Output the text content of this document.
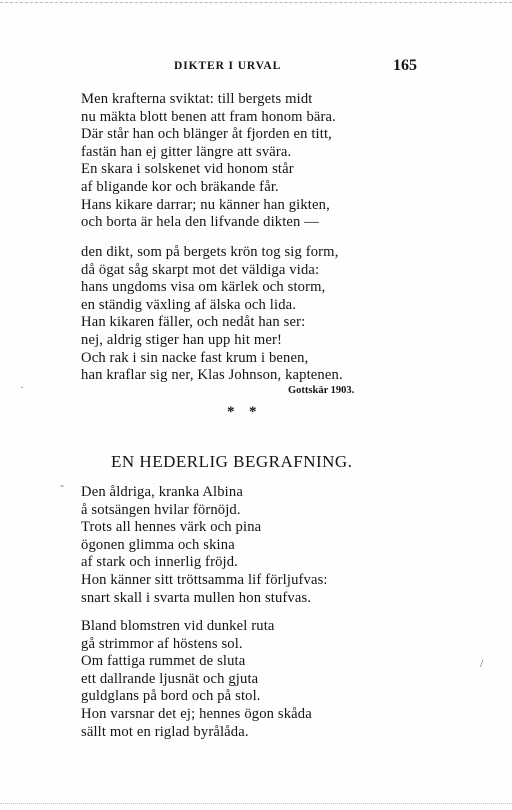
DIKTER I URVAL	165
Men krafterna sviktat: till bergets midt
nu mäkta blott benen att fram honom bära.
Där står han och blänger åt fjorden en titt,
fastän han ej gitter längre att svära.
En skara i solskenet vid honom står
af bligande kor och bräkande får.
Hans kikare darrar; nu känner han gikten,
och borta är hela den lifvande dikten —
den dikt, som på bergets krön tog sig form,
då ögat såg skarpt mot det väldiga vida:
hans ungdoms visa om kärlek och storm,
en ständig växling af älska och lida.
Han kikaren fäller, och nedåt han ser:
nej, aldrig stiger han upp hit mer!
Och rak i sin nacke fast krum i benen,
han kraflar sig ner, Klas Johnson, kaptenen.
Gottskär 1903.
* *
EN HEDERLIG BEGRAFNING.
Den åldriga, kranka Albina
å sotsängen hvilar förnöjd.
Trots all hennes värk och pina
ögonen glimma och skina
af stark och innerlig fröjd.
Hon känner sitt tröttsamma lif förljufvas:
snart skall i svarta mullen hon stufvas.
Bland blomstren vid dunkel ruta
gå strimmor af höstens sol.
Om fattiga rummet de sluta
ett dallrande ljusnät och gjuta
guldglans på bord och på stol.
Hon varsnar det ej; hennes ögon skåda
sällt mot en riglad byrålåda.
-
/
·
